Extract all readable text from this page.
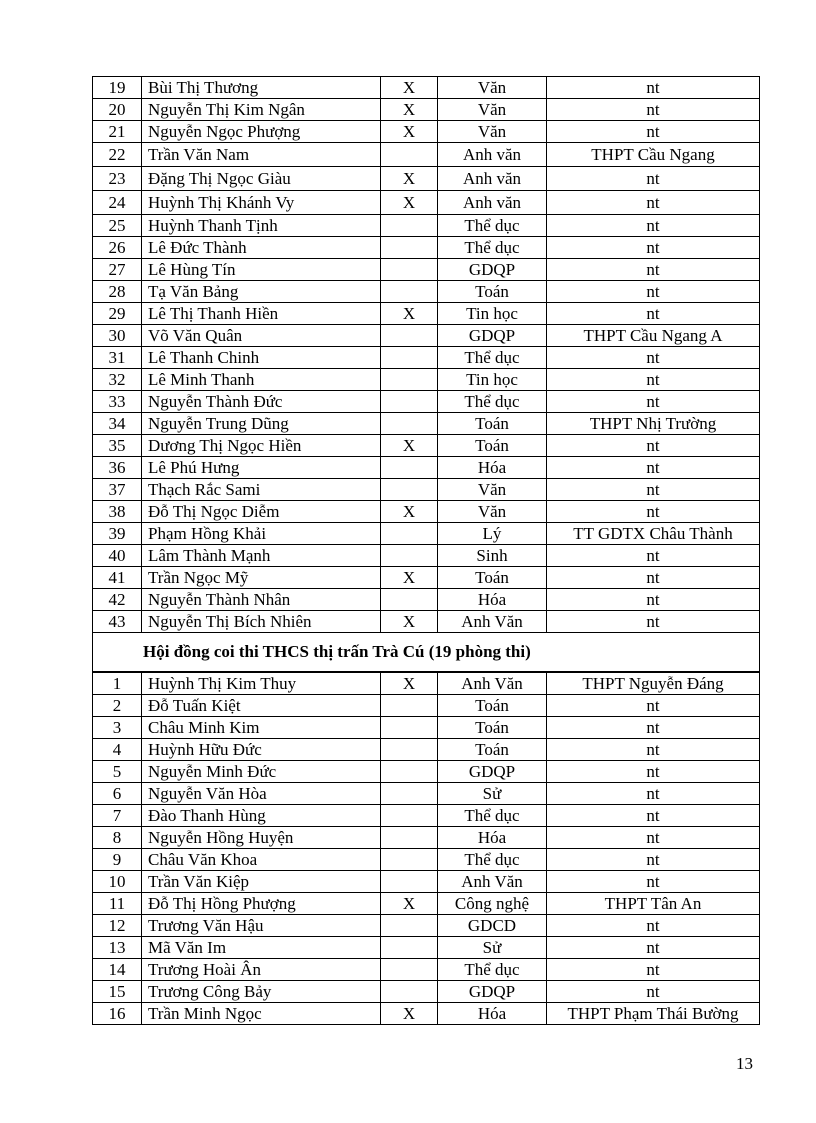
19	Bùi Thị Thương	X	Văn	nt
20	Nguyễn Thị Kim Ngân	X	Văn	nt
21	Nguyễn Ngọc Phượng	X	Văn	nt
22	Trần Văn Nam		Anh văn	THPT Cầu Ngang
23	Đặng Thị Ngọc Giàu	X	Anh văn	nt
24	Huỳnh Thị Khánh Vy	X	Anh văn	nt
25	Huỳnh Thanh Tịnh		Thể dục	nt
26	Lê Đức Thành		Thể dục	nt
27	Lê Hùng Tín		GDQP	nt
28	Tạ Văn Bảng		Toán	nt
29	Lê Thị Thanh Hiền	X	Tin học	nt
30	Võ Văn Quân		GDQP	THPT Cầu Ngang A
31	Lê Thanh Chinh		Thể dục	nt
32	Lê Minh Thanh		Tin học	nt
33	Nguyễn Thành Đức		Thể dục	nt
34	Nguyễn Trung Dũng		Toán	THPT Nhị Trường
35	Dương Thị Ngọc Hiền	X	Toán	nt
36	Lê Phú Hưng		Hóa	nt
37	Thạch Rắc Sami		Văn	nt
38	Đỗ Thị Ngọc Diễm	X	Văn	nt
39	Phạm Hồng Khải		Lý	TT GDTX Châu Thành
40	Lâm Thành Mạnh		Sinh	nt
41	Trần Ngọc Mỹ	X	Toán	nt
42	Nguyễn Thành Nhân		Hóa	nt
43	Nguyễn Thị Bích Nhiên	X	Anh Văn	nt
Hội đồng coi thi THCS thị trấn Trà Cú (19 phòng thi)				
1	Huỳnh Thị Kim Thuy	X	Anh Văn	THPT Nguyễn Đáng
2	Đỗ Tuấn Kiệt		Toán	nt
3	Châu Minh Kim		Toán	nt
4	Huỳnh Hữu Đức		Toán	nt
5	Nguyễn Minh Đức		GDQP	nt
6	Nguyễn Văn Hòa		Sử	nt
7	Đào Thanh Hùng		Thể dục	nt
8	Nguyễn Hồng Huyện		Hóa	nt
9	Châu Văn Khoa		Thể dục	nt
10	Trần Văn Kiệp		Anh Văn	nt
11	Đỗ Thị Hồng Phượng	X	Công nghệ	THPT Tân An
12	Trương Văn Hậu		GDCD	nt
13	Mã Văn Im		Sử	nt
14	Trương Hoài Ân		Thể dục	nt
15	Trương Công Bảy		GDQP	nt
16	Trần Minh Ngọc	X	Hóa	THPT Phạm Thái Bường
13
